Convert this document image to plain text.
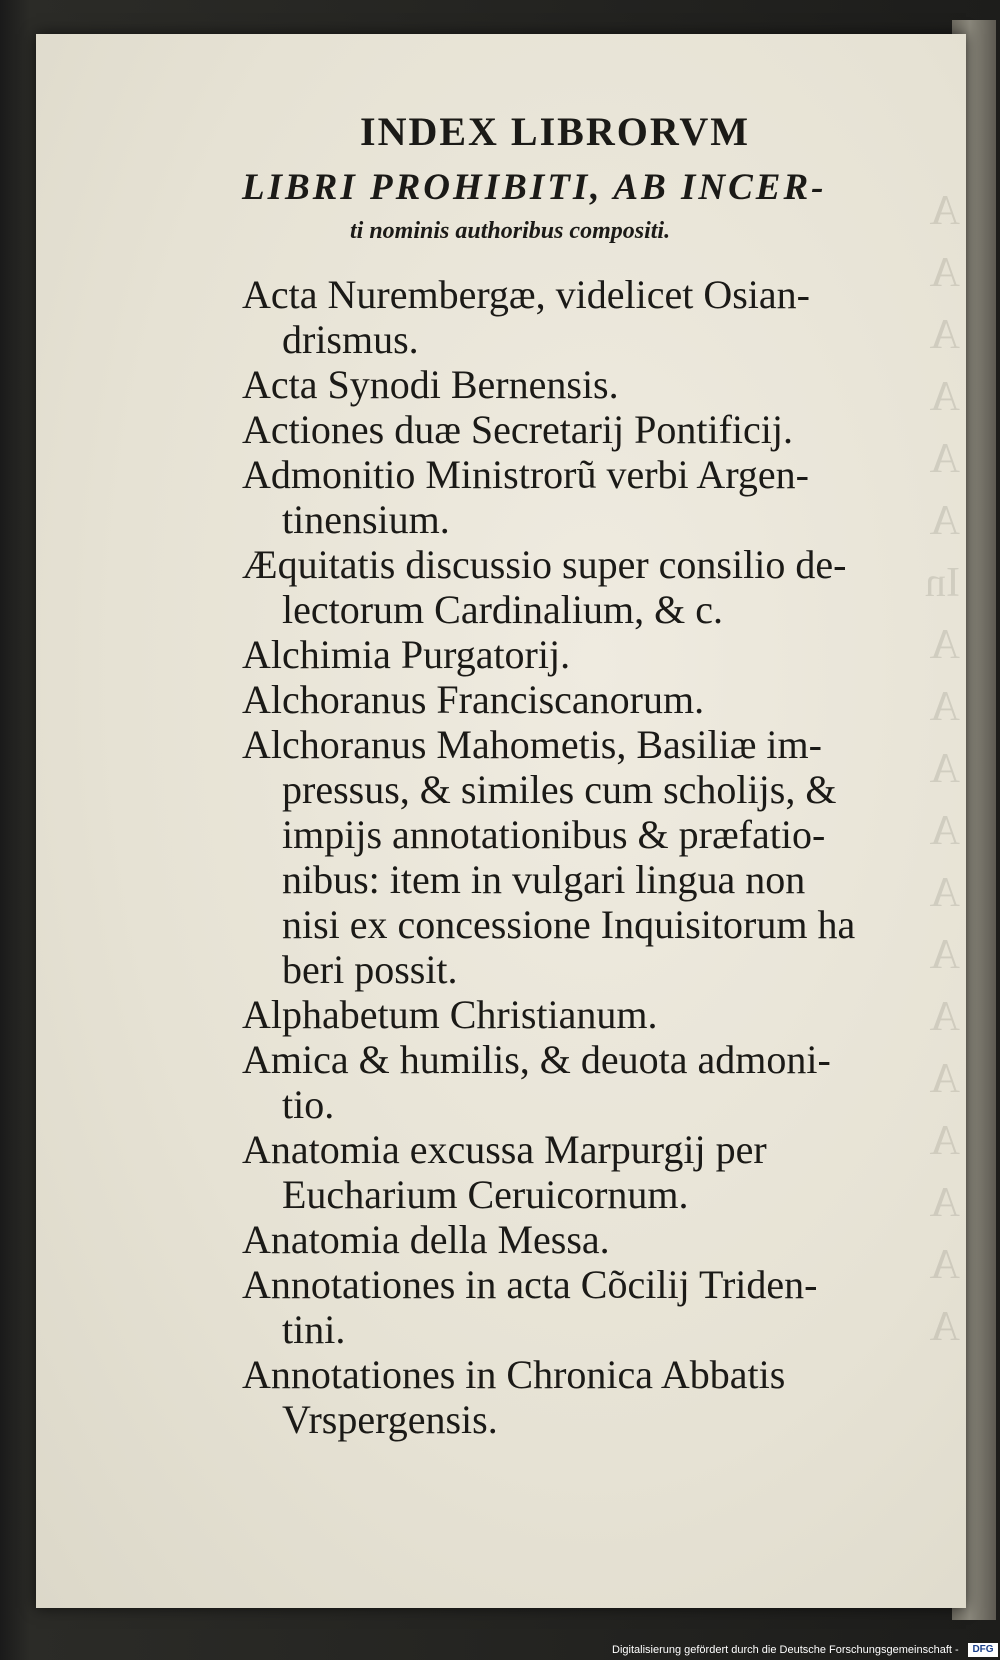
A
A
A
A
A
A
In
A
A
A
A
A
A
A
A
A
A
A
A
INDEX LIBRORVM
LIBRI PROHIBITI, AB INCER-
ti nominis authoribus compositi.
Acta Nurembergæ, videlicet Osian-
drismus.
Acta Synodi Bernensis.
Actiones duæ Secretarij Pontificij.
Admonitio Ministrorũ verbi Argen-
tinensium.
Æquitatis discussio super consilio de-
lectorum Cardinalium, & c.
Alchimia Purgatorij.
Alchoranus Franciscanorum.
Alchoranus Mahometis, Basiliæ im-
pressus, & similes cum scholijs, &
impijs annotationibus & præfatio-
nibus: item in vulgari lingua non
nisi ex concessione Inquisitorum ha
beri possit.
Alphabetum Christianum.
Amica & humilis, & deuota admoni-
tio.
Anatomia excussa Marpurgij per
Eucharium Ceruicornum.
Anatomia della Messa.
Annotationes in acta Cõcilij Triden-
tini.
Annotationes in Chronica Abbatis
Vrspergensis.
Digitalisierung gefördert durch die Deutsche Forschungsgemeinschaft -	DFG
